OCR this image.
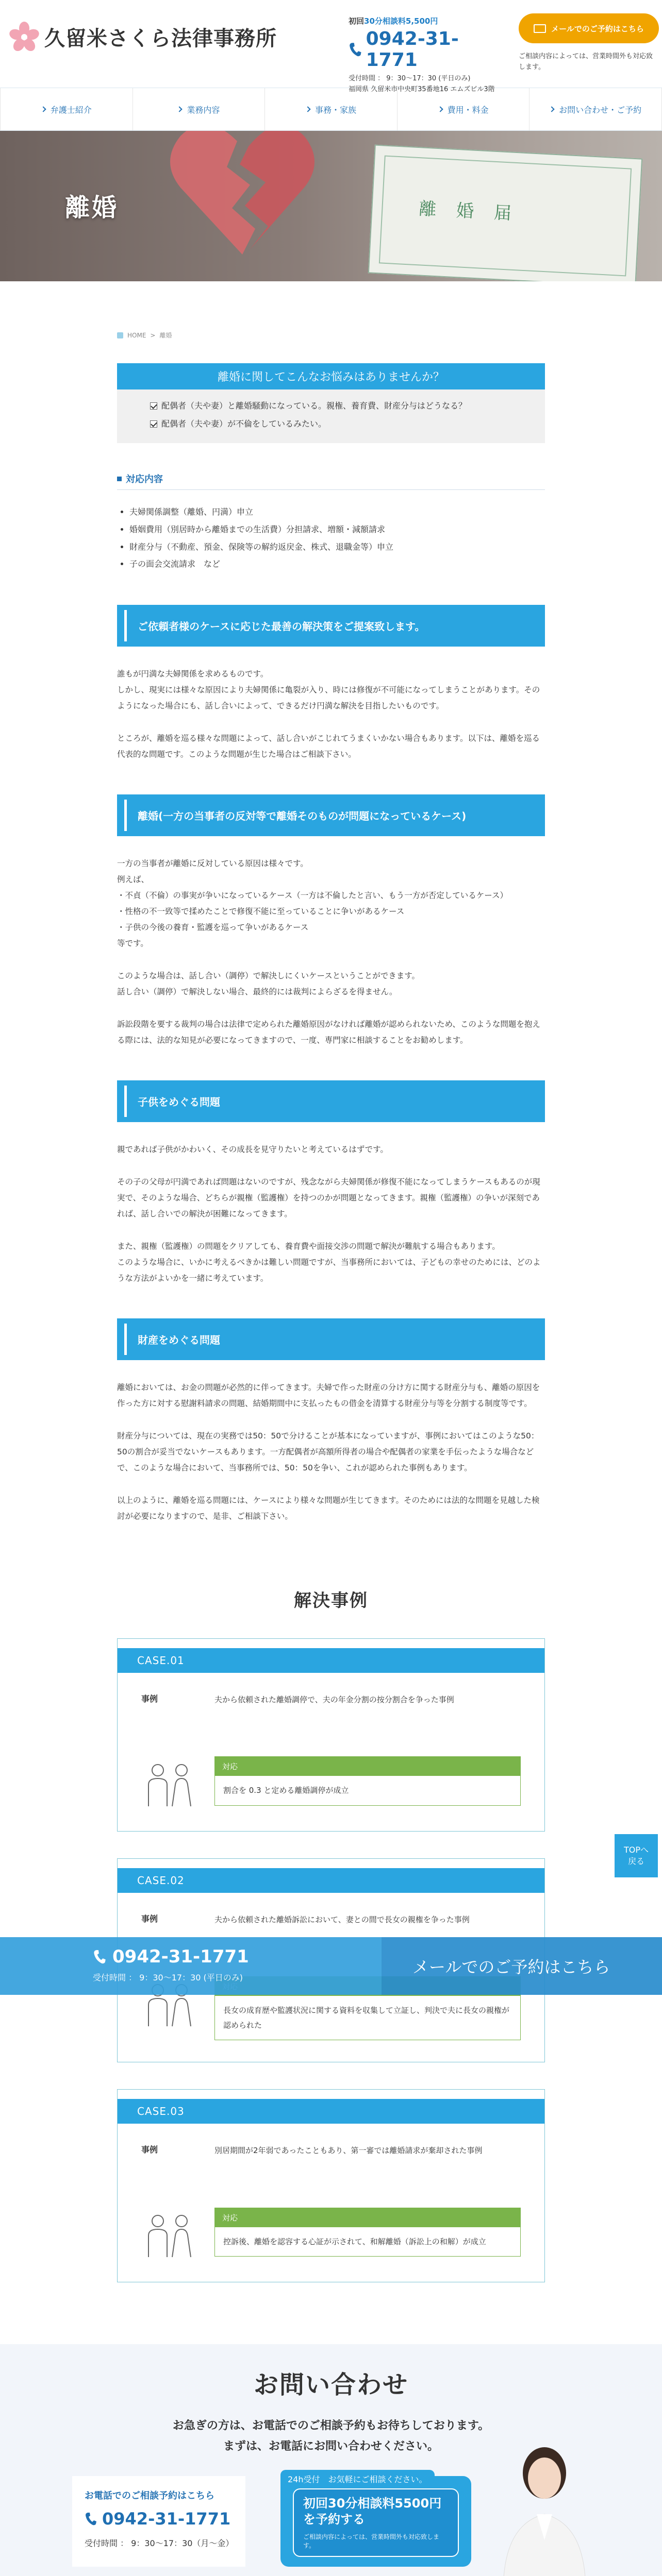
久留米さくら法律事務所
初回30分相談料5,500円
0942-31-1771
受付時間 ： 9：30〜17：30 (平日のみ)
福岡県 久留米市中央町35番地16 エムズビル3階
メールでのご予約はこちら
ご相談内容によっては、営業時間外も対応致します。
弁護士紹介	業務内容	事務・家族	費用・料金	お問い合わせ・ご予約
離 婚 届
離婚
HOME > 離婚
離婚に関してこんなお悩みはありませんか？
配偶者（夫や妻）と離婚騒動になっている。親権、養育費、財産分与はどうなる？
配偶者（夫や妻）が不倫をしているみたい。
対応内容
• 夫婦関係調整（離婚、円満）申立
• 婚姻費用（別居時から離婚までの生活費）分担請求、増額・減額請求
• 財産分与（不動産、預金、保険等の解約返戻金、株式、退職金等）申立
• 子の面会交流請求　など
ご依頼者様のケースに応じた最善の解決策をご提案致します。

誰もが円満な夫婦関係を求めるものです。
しかし、現実には様々な原因により夫婦関係に亀裂が入り、時には修復が不可能になってしまうことがあります。そのようになった場合にも、話し合いによって、できるだけ円満な解決を目指したいものです。

ところが、離婚を巡る様々な問題によって、話し合いがこじれてうまくいかない場合もあります。以下は、離婚を巡る代表的な問題です。このような問題が生じた場合はご相談下さい。

離婚(一方の当事者の反対等で離婚そのものが問題になっているケース)

一方の当事者が離婚に反対している原因は様々です。
例えば、
・不貞（不倫）の事実が争いになっているケース（一方は不倫したと言い、もう一方が否定しているケース）
・性格の不一致等で揉めたことで修復不能に至っていることに争いがあるケース
・子供の今後の養育・監護を巡って争いがあるケース
等です。

このような場合は、話し合い（調停）で解決しにくいケースということができます。
話し合い（調停）で解決しない場合、最終的には裁判によらざるを得ません。

訴訟段階を要する裁判の場合は法律で定められた離婚原因がなければ離婚が認められないため、このような問題を抱える際には、法的な知見が必要になってきますので、一度、専門家に相談することをお勧めします。

子供をめぐる問題

親であれば子供がかわいく、その成長を見守りたいと考えているはずです。

その子の父母が円満であれば問題はないのですが、残念ながら夫婦関係が修復不能になってしまうケースもあるのが現実で、そのような場合、どちらが親権（監護権）を持つのかが問題となってきます。親権（監護権）の争いが深刻であれば、話し合いでの解決が困難になってきます。

また、親権（監護権）の問題をクリアしても、養育費や面接交渉の問題で解決が難航する場合もあります。
このような場合に、いかに考えるべきかは難しい問題ですが、当事務所においては、子どもの幸せのためには、どのような方法がよいかを一緒に考えています。

財産をめぐる問題

離婚においては、お金の問題が必然的に伴ってきます。夫婦で作った財産の分け方に関する財産分与も、離婚の原因を作った方に対する慰謝料請求の問題、結婚期間中に支払ったもの借金を清算する財産分与等を分割する制度等です。

財産分与については、現在の実務では50：50で分けることが基本になっていますが、事例においてはこのような50：50の割合が妥当でないケースもあります。一方配偶者が高額所得者の場合や配偶者の家業を手伝ったような場合などで、このような場合において、当事務所では、50：50を争い、これが認められた事例もあります。

以上のように、離婚を巡る問題には、ケースにより様々な問題が生じてきます。そのためには法的な問題を見越した検討が必要になりますので、是非、ご相談下さい。

解決事例
CASE.01
事例	夫から依頼された離婚調停で、夫の年金分割の按分割合を争った事例
対応
割合を 0.3 と定める離婚調停が成立
CASE.02
事例	夫から依頼された離婚訴訟において、妻との間で長女の親権を争った事例
長女の成育歴や監護状況に関する資料を収集して立証し、判決で夫に長女の親権が認められた
CASE.03
事例	別居期間が2年弱であったこともあり、第一審では離婚請求が棄却された事例
対応
控訴後、離婚を認容する心証が示されて、和解離婚（訴訟上の和解）が成立
TOPへ
戻る
0942-31-1771
受付時間 ： 9：30〜17：30 (平日のみ)
メールでのご予約はこちら
お問い合わせ
お急ぎの方は、お電話でのご相談予約もお待ちしております。
まずは、お電話にお問い合わせください。
お電話でのご相談予約はこちら
0942-31-1771
受付時間 ： 9：30〜17：30（月〜金）
24h受付　お気軽にご相談ください。
初回30分相談料5500円
を予約する
ご相談内容によっては、営業時間外も対応致します。
